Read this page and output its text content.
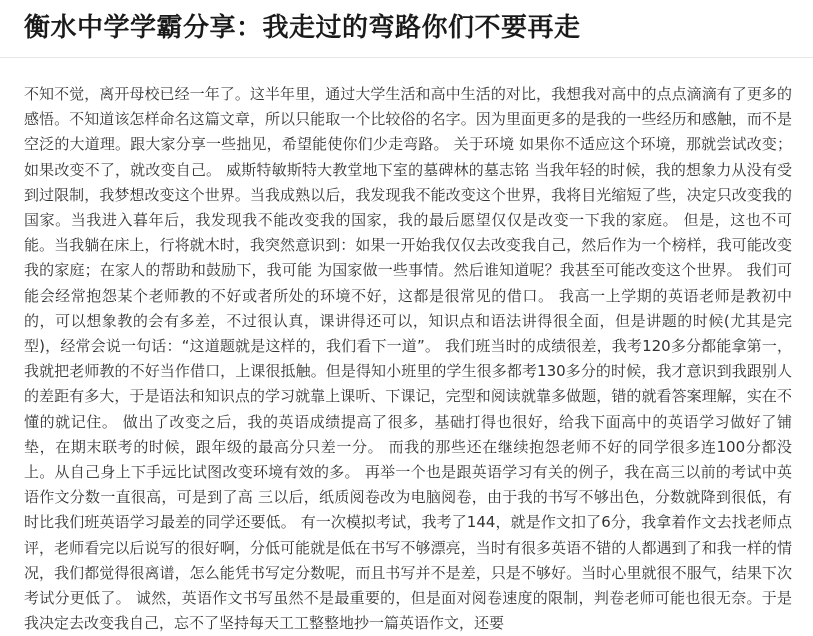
衡水中学学霸分享：我走过的弯路你们不要再走

不知不觉，离开母校已经一年了。这半年里，通过大学生活和高中生活的对比，我想我对高中的点点滴滴有了更多的感悟。不知道该怎样命名这篇文章，所以只能取一个比较俗的名字。因为里面更多的是我的一些经历和感触，而不是空泛的大道理。跟大家分享一些拙见，希望能使你们少走弯路。 关于环境 如果你不适应这个环境，那就尝试改变；如果改变不了，就改变自己。 威斯特敏斯特大教堂地下室的墓碑林的墓志铭 当我年轻的时候，我的想象力从没有受到过限制，我梦想改变这个世界。当我成熟以后，我发现我不能改变这个世界，我将目光缩短了些，决定只改变我的国家。当我进入暮年后，我发现我不能改变我的国家，我的最后愿望仅仅是改变一下我的家庭。 但是，这也不可能。当我躺在床上，行将就木时，我突然意识到：如果一开始我仅仅去改变我自己，然后作为一个榜样，我可能改变我的家庭；在家人的帮助和鼓励下，我可能 为国家做一些事情。然后谁知道呢？我甚至可能改变这个世界。 我们可能会经常抱怨某个老师教的不好或者所处的环境不好，这都是很常见的借口。 我高一上学期的英语老师是教初中的，可以想象教的会有多差，不过很认真，课讲得还可以，知识点和语法讲得很全面，但是讲题的时候(尤其是完型)，经常会说一句话：“这道题就是这样的，我们看下一道”。 我们班当时的成绩很差，我考120多分都能拿第一，我就把老师教的不好当作借口，上课很抵触。但是得知小班里的学生很多都考130多分的时候，我才意识到我跟别人的差距有多大，于是语法和知识点的学习就靠上课听、下课记，完型和阅读就靠多做题，错的就看答案理解，实在不懂的就记住。 做出了改变之后，我的英语成绩提高了很多，基础打得也很好，给我下面高中的英语学习做好了铺垫，在期末联考的时候，跟年级的最高分只差一分。 而我的那些还在继续抱怨老师不好的同学很多连100分都没上。从自己身上下手远比试图改变环境有效的多。 再举一个也是跟英语学习有关的例子，我在高三以前的考试中英语作文分数一直很高，可是到了高 三以后，纸质阅卷改为电脑阅卷，由于我的书写不够出色，分数就降到很低，有时比我们班英语学习最差的同学还要低。 有一次模拟考试，我考了144，就是作文扣了6分，我拿着作文去找老师点评，老师看完以后说写的很好啊，分低可能就是低在书写不够漂亮，当时有很多英语不错的人都遇到了和我一样的情况，我们都觉得很离谱，怎么能凭书写定分数呢，而且书写并不是差，只是不够好。当时心里就很不服气，结果下次考试分更低了。 诚然，英语作文书写虽然不是最重要的，但是面对阅卷速度的限制，判卷老师可能也很无奈。于是我决定去改变我自己，忘不了坚持每天工工整整地抄一篇英语作文，还要
